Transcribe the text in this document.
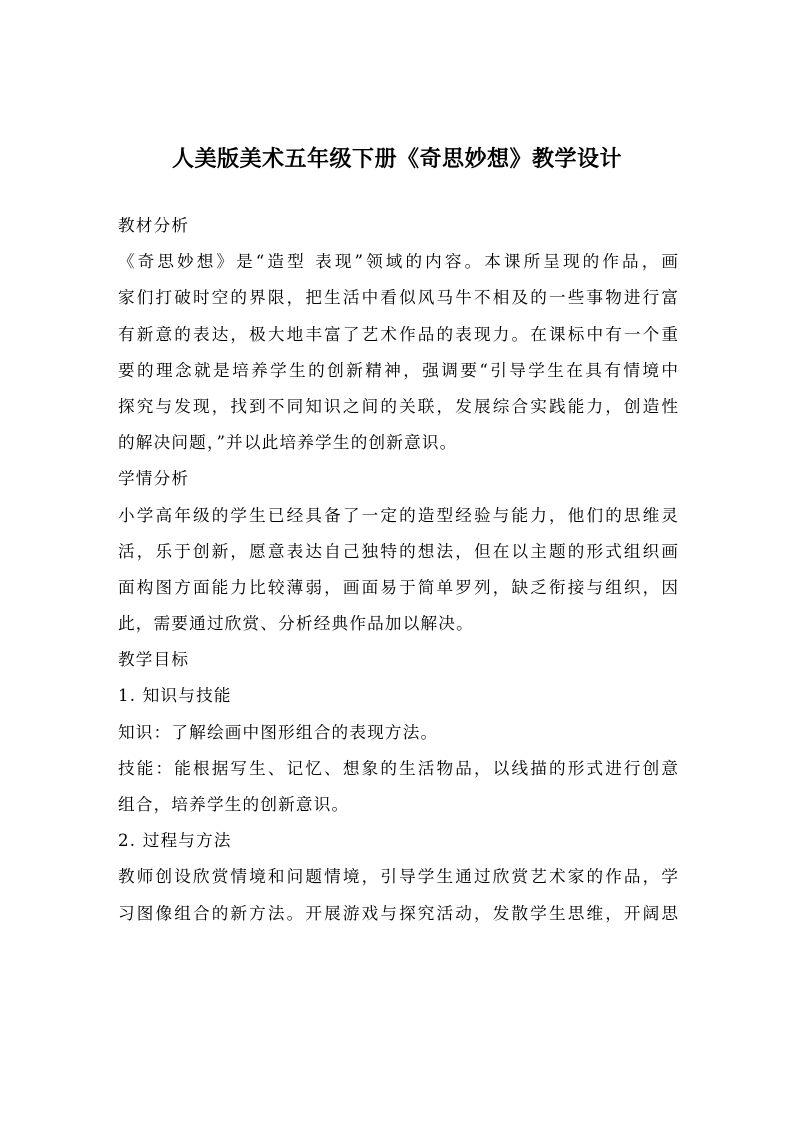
人美版美术五年级下册《奇思妙想》教学设计
教材分析
《奇思妙想》是“造型 表现”领域的内容。本课所呈现的作品，画
家们打破时空的界限，把生活中看似风马牛不相及的一些事物进行富
有新意的表达，极大地丰富了艺术作品的表现力。在课标中有一个重
要的理念就是培养学生的创新精神，强调要“引导学生在具有情境中
探究与发现，找到不同知识之间的关联，发展综合实践能力，创造性
的解决问题，”并以此培养学生的创新意识。
学情分析
小学高年级的学生已经具备了一定的造型经验与能力，他们的思维灵
活，乐于创新，愿意表达自己独特的想法，但在以主题的形式组织画
面构图方面能力比较薄弱，画面易于简单罗列，缺乏衔接与组织，因
此，需要通过欣赏、分析经典作品加以解决。
教学目标
1. 知识与技能
知识：了解绘画中图形组合的表现方法。
技能：能根据写生、记忆、想象的生活物品，以线描的形式进行创意
组合，培养学生的创新意识。
2. 过程与方法
教师创设欣赏情境和问题情境，引导学生通过欣赏艺术家的作品，学
习图像组合的新方法。开展游戏与探究活动，发散学生思维，开阔思
